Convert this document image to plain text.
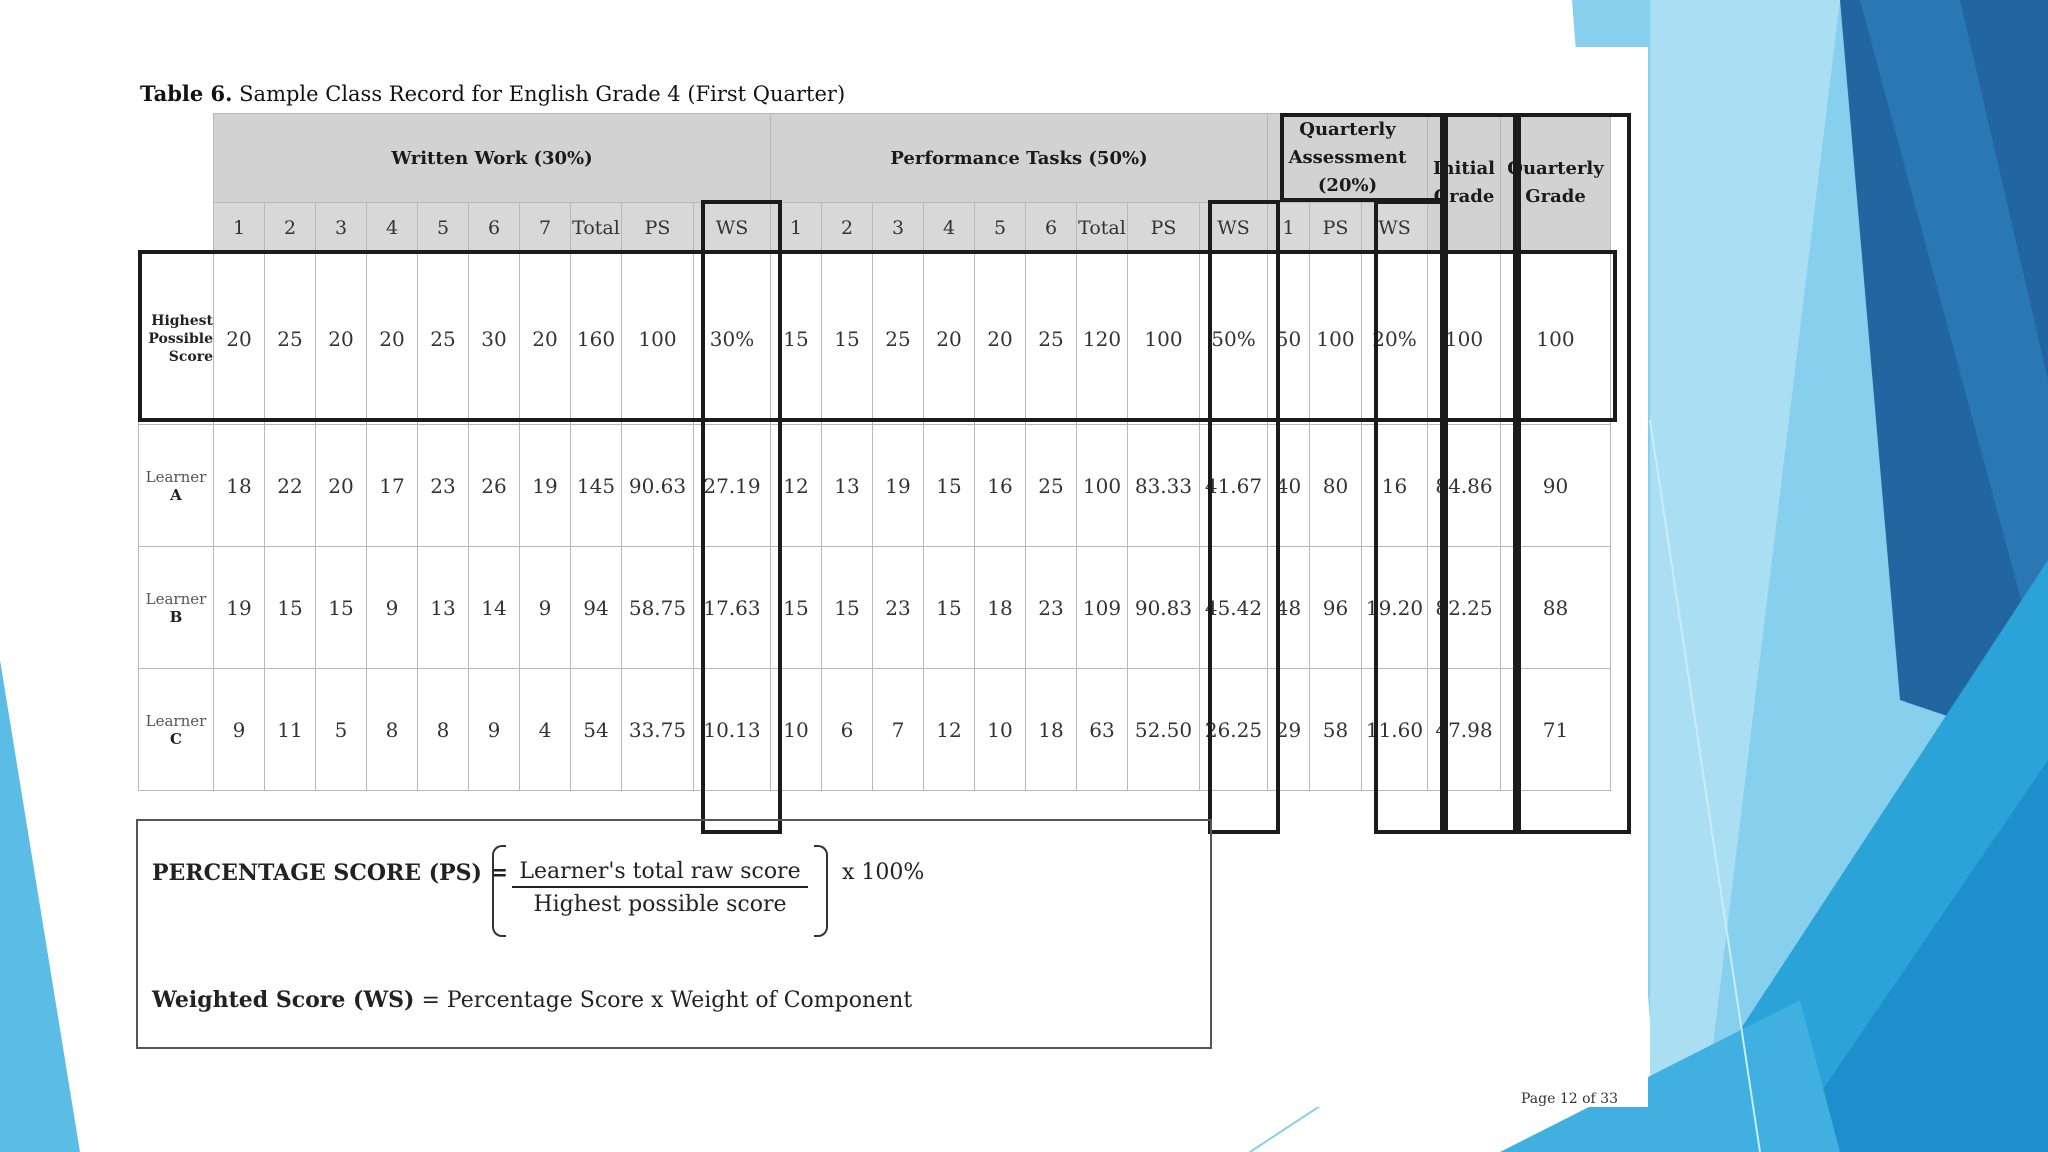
Table 6. Sample Class Record for English Grade 4 (First Quarter)
	Written Work (30%)										Performance Tasks (50%)									Quarterly Assessment (20%)			Initial Grade	Quarterly Grade
	1	2	3	4	5	6	7	Total	PS	WS	1	2	3	4	5	6	Total	PS	WS	1	PS	WS		
Highest Possible Score	20	25	20	20	25	30	20	160	100	30%	15	15	25	20	20	25	120	100	50%	50	100	20%	100	100

Learner
A	18	22	20	17	23	26	19	145	90.63	27.19	12	13	19	15	16	25	100	83.33	41.67	40	80	16	84.86	90

Learner
B	19	15	15	9	13	14	9	94	58.75	17.63	15	15	23	15	18	23	109	90.83	45.42	48	96	19.20	82.25	88

Learner
C	9	11	5	8	8	9	4	54	33.75	10.13	10	6	7	12	10	18	63	52.50	26.25	29	58	11.60	47.98	71
PERCENTAGE SCORE (PS) = Learner's total raw score
Highest possible score
x 100%
Weighted Score (WS) = Percentage Score x Weight of Component
Page 12 of 33
